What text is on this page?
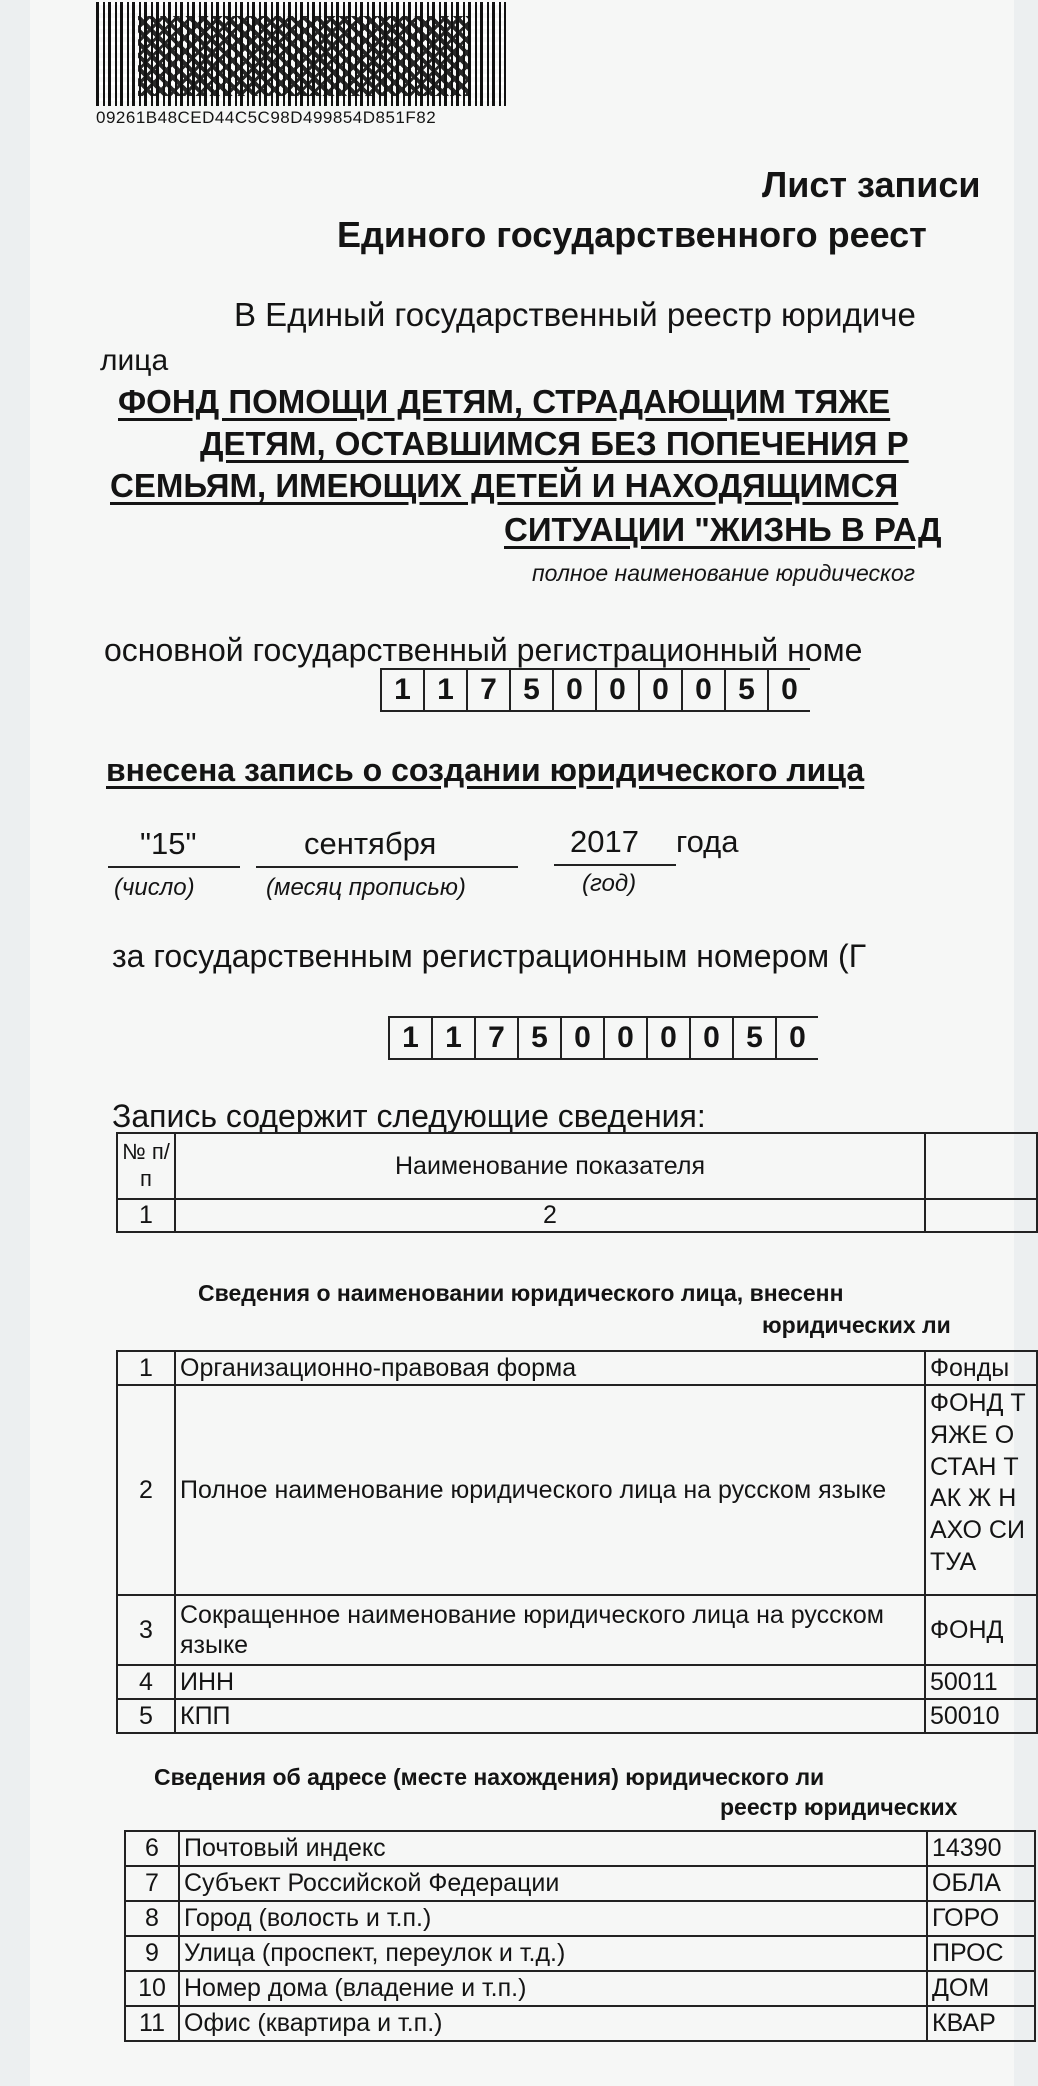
09261B48CED44C5C98D499854D851F82
Лист записи
Единого государственного реест
В Единый государственный реестр юридиче
лица
ФОНД ПОМОЩИ ДЕТЯМ, СТРАДАЮЩИМ ТЯЖЕ
ДЕТЯМ, ОСТАВШИМСЯ БЕЗ ПОПЕЧЕНИЯ Р
СЕМЬЯМ, ИМЕЮЩИХ ДЕТЕЙ И НАХОДЯЩИМСЯ
СИТУАЦИИ "ЖИЗНЬ В РАД
полное наименование юридическог
основной государственный регистрационный номе
1 1 7 5 0 0 0 0 5 0
внесена запись о создании юридического лица
"15"	сентября	2017 года
(число)	(месяц прописью)	(год)
за государственным регистрационным номером (Г
1 1 7 5 0 0 0 0 5 0
Запись содержит следующие сведения:
№ п/п	Наименование показателя	
1	2	
Сведения о наименовании юридического лица, внесенн
юридических ли
1	Организационно-правовая форма	Фонды
2	Полное наименование юридического лица на русском языке	ФОНД ТЯЖЕ ОСТАН ТАК Ж НАХО СИТУА
3	Сокращенное наименование юридического лица на русском языке	ФОНД
4	ИНН	50011
5	КПП	50010
Сведения об адресе (месте нахождения) юридического ли
реестр юридических
6	Почтовый индекс	14390
7	Субъект Российской Федерации	ОБЛА
8	Город (волость и т.п.)	ГОРО
9	Улица (проспект, переулок и т.д.)	ПРОС
10	Номер дома (владение и т.п.)	ДОМ
11	Офис (квартира и т.п.)	КВАР
